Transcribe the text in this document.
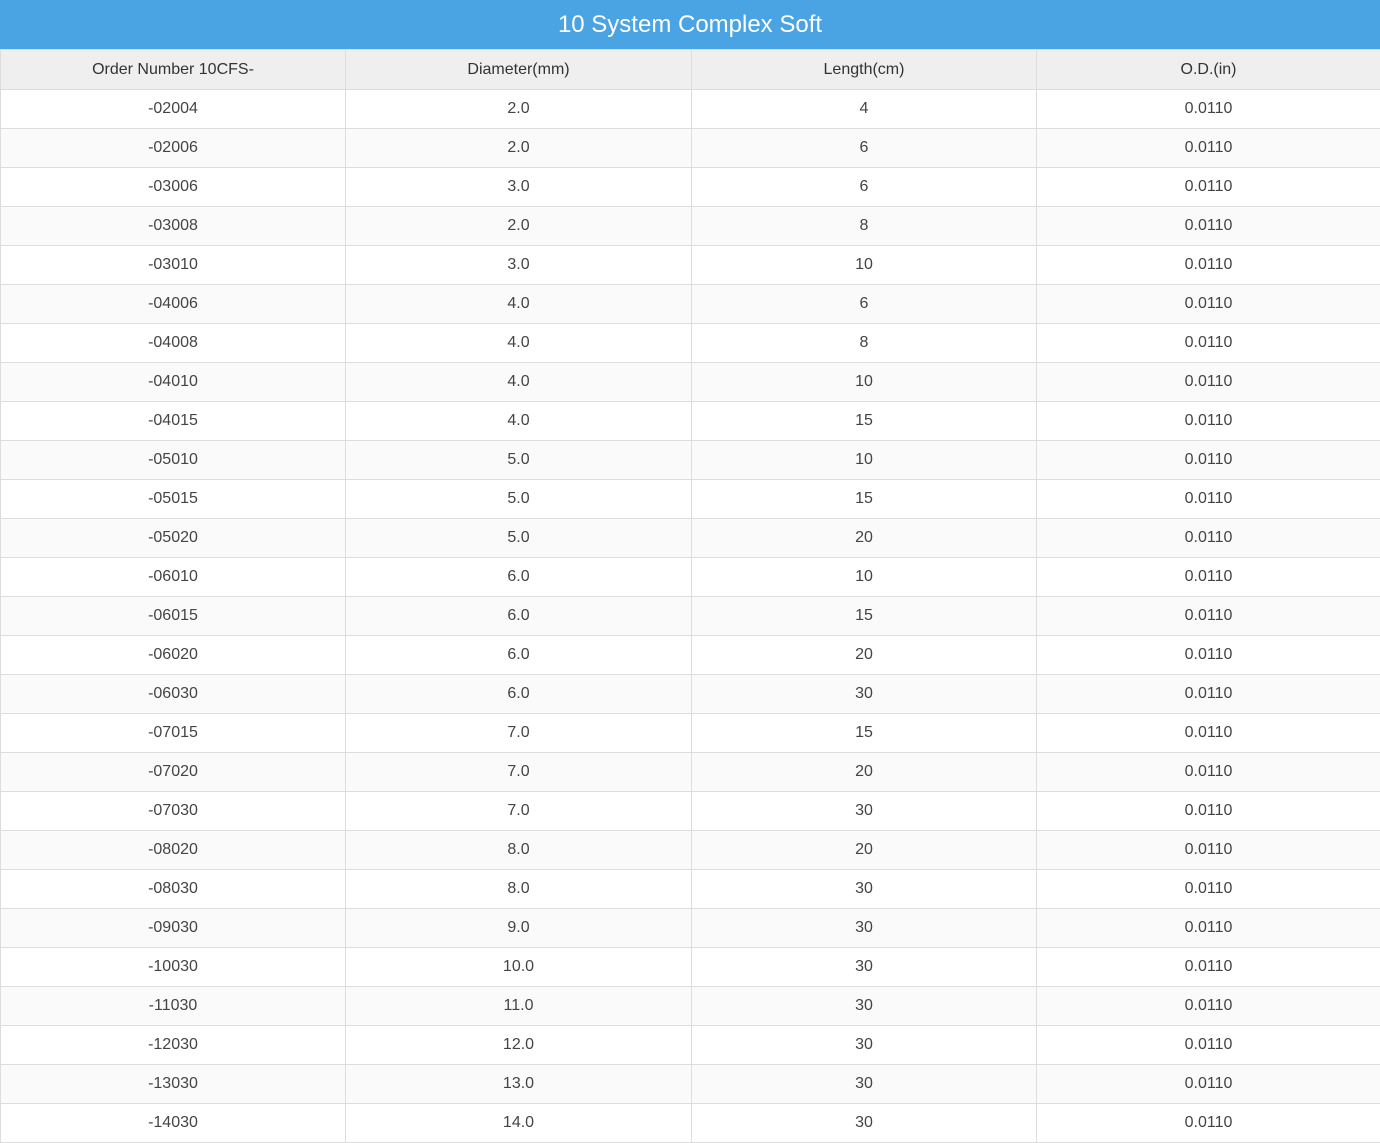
10 System Complex Soft
Order Number 10CFS-	Diameter(mm)	Length(cm)	O.D.(in)
-02004	2.0	4	0.0110
-02006	2.0	6	0.0110
-03006	3.0	6	0.0110
-03008	2.0	8	0.0110
-03010	3.0	10	0.0110
-04006	4.0	6	0.0110
-04008	4.0	8	0.0110
-04010	4.0	10	0.0110
-04015	4.0	15	0.0110
-05010	5.0	10	0.0110
-05015	5.0	15	0.0110
-05020	5.0	20	0.0110
-06010	6.0	10	0.0110
-06015	6.0	15	0.0110
-06020	6.0	20	0.0110
-06030	6.0	30	0.0110
-07015	7.0	15	0.0110
-07020	7.0	20	0.0110
-07030	7.0	30	0.0110
-08020	8.0	20	0.0110
-08030	8.0	30	0.0110
-09030	9.0	30	0.0110
-10030	10.0	30	0.0110
-11030	11.0	30	0.0110
-12030	12.0	30	0.0110
-13030	13.0	30	0.0110
-14030	14.0	30	0.0110
